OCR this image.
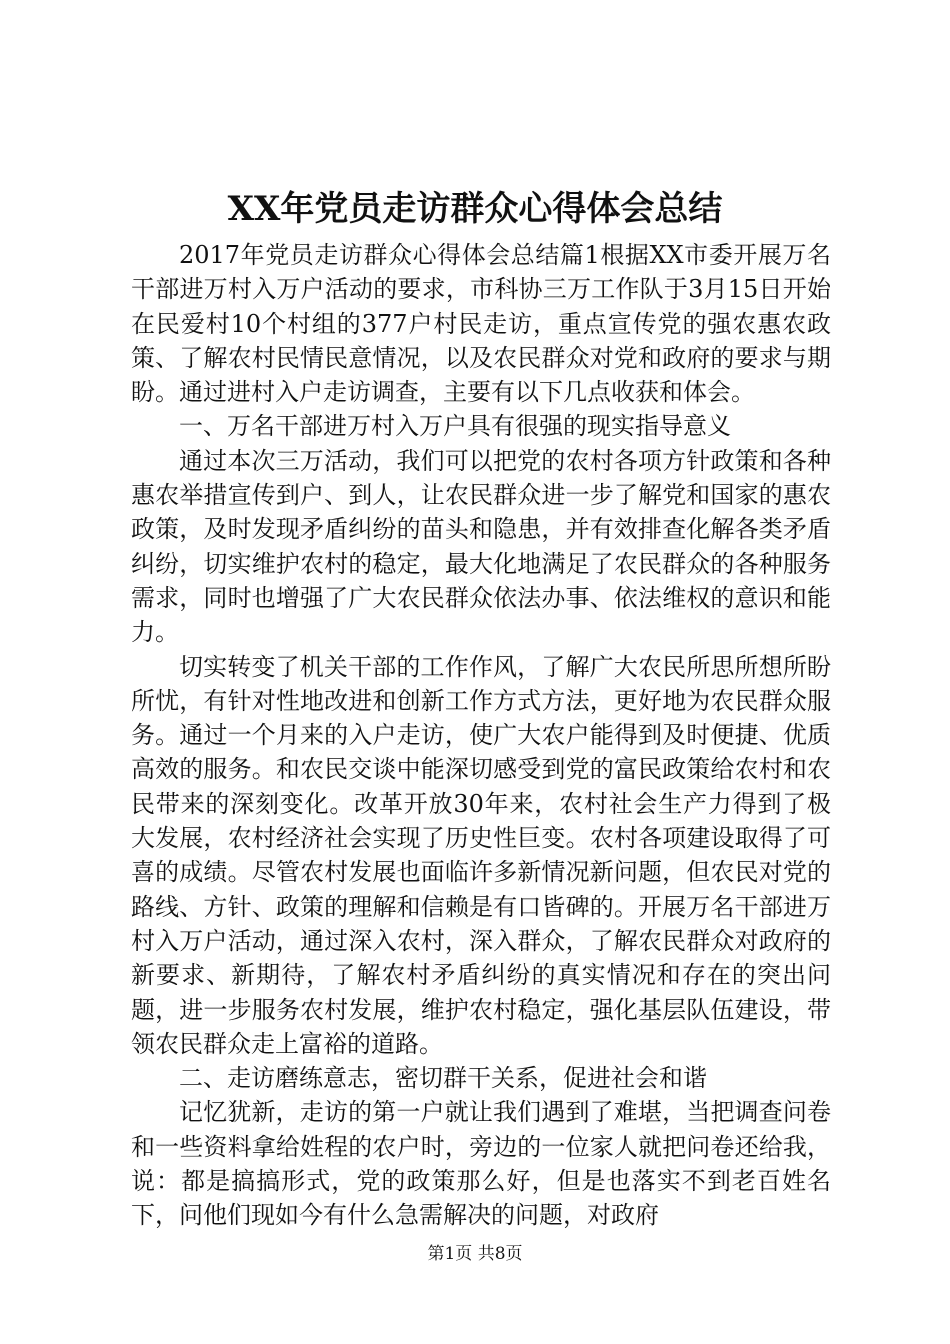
XX年党员走访群众心得体会总结

2017年党员走访群众心得体会总结篇1根据XX市委开展万名干部进万村入万户活动的要求，市科协三万工作队于3月15日开始在民爱村10个村组的377户村民走访，重点宣传党的强农惠农政策、了解农村民情民意情况，以及农民群众对党和政府的要求与期盼。通过进村入户走访调查，主要有以下几点收获和体会。

一、万名干部进万村入万户具有很强的现实指导意义

通过本次三万活动，我们可以把党的农村各项方针政策和各种惠农举措宣传到户、到人，让农民群众进一步了解党和国家的惠农政策，及时发现矛盾纠纷的苗头和隐患，并有效排查化解各类矛盾纠纷，切实维护农村的稳定，最大化地满足了农民群众的各种服务需求，同时也增强了广大农民群众依法办事、依法维权的意识和能力。

切实转变了机关干部的工作作风，了解广大农民所思所想所盼所忧，有针对性地改进和创新工作方式方法，更好地为农民群众服务。通过一个月来的入户走访，使广大农户能得到及时便捷、优质高效的服务。和农民交谈中能深切感受到党的富民政策给农村和农民带来的深刻变化。改革开放30年来，农村社会生产力得到了极大发展，农村经济社会实现了历史性巨变。农村各项建设取得了可喜的成绩。尽管农村发展也面临许多新情况新问题，但农民对党的路线、方针、政策的理解和信赖是有口皆碑的。开展万名干部进万村入万户活动，通过深入农村，深入群众，了解农民群众对政府的新要求、新期待，了解农村矛盾纠纷的真实情况和存在的突出问题，进一步服务农村发展，维护农村稳定，强化基层队伍建设，带领农民群众走上富裕的道路。

二、走访磨练意志，密切群干关系，促进社会和谐

记忆犹新，走访的第一户就让我们遇到了难堪，当把调查问卷和一些资料拿给姓程的农户时，旁边的一位家人就把问卷还给我，说：都是搞搞形式，党的政策那么好，但是也落实不到老百姓名下，问他们现如今有什么急需解决的问题，对政府

第1页 共8页
